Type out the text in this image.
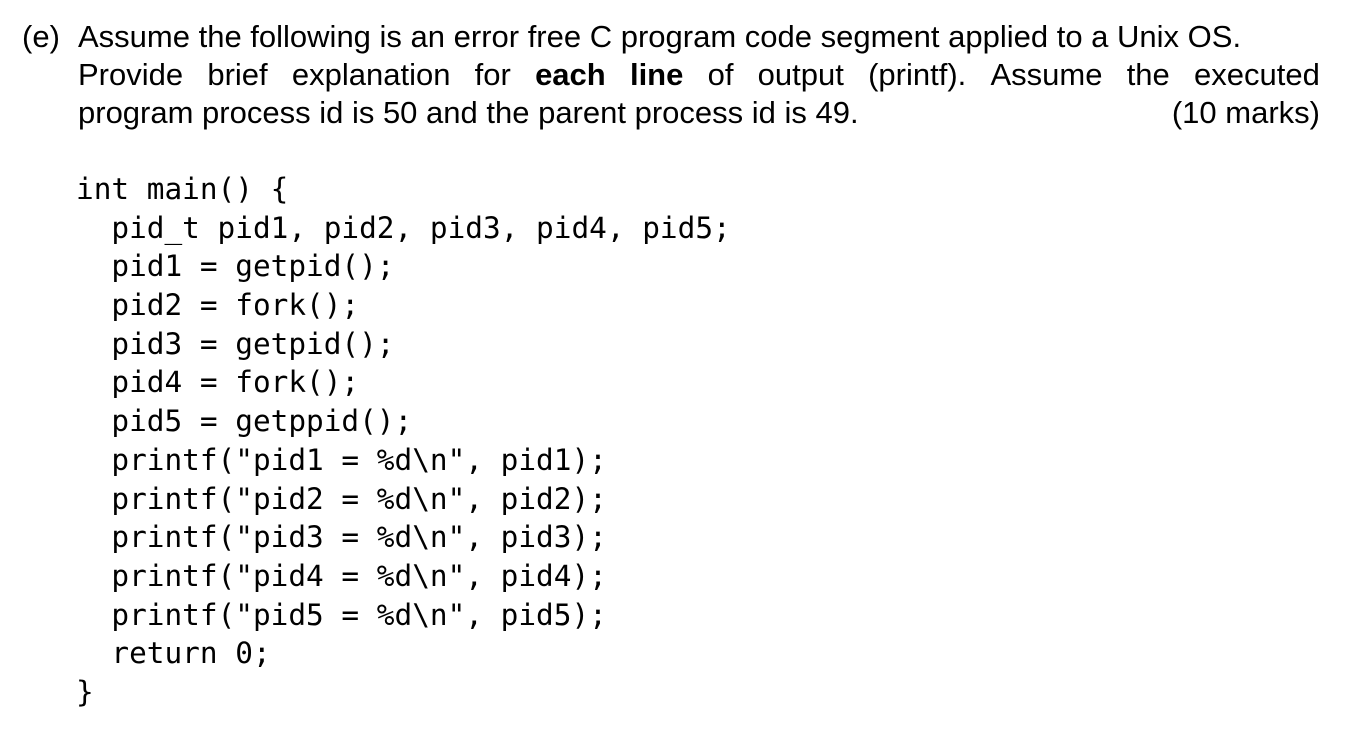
(e) Assume the following is an error free C program code segment applied to a Unix OS.
Provide brief explanation for each line of output (printf). Assume the executed
program process id is 50 and the parent process id is 49.	(10 marks)
int main() {
pid_t pid1, pid2, pid3, pid4, pid5;
pid1 = getpid();
pid2 = fork();
pid3 = getpid();
pid4 = fork();
pid5 = getppid();
printf("pid1 = %d\n", pid1);
printf("pid2 = %d\n", pid2);
printf("pid3 = %d\n", pid3);
printf("pid4 = %d\n", pid4);
printf("pid5 = %d\n", pid5);
return 0;
}
